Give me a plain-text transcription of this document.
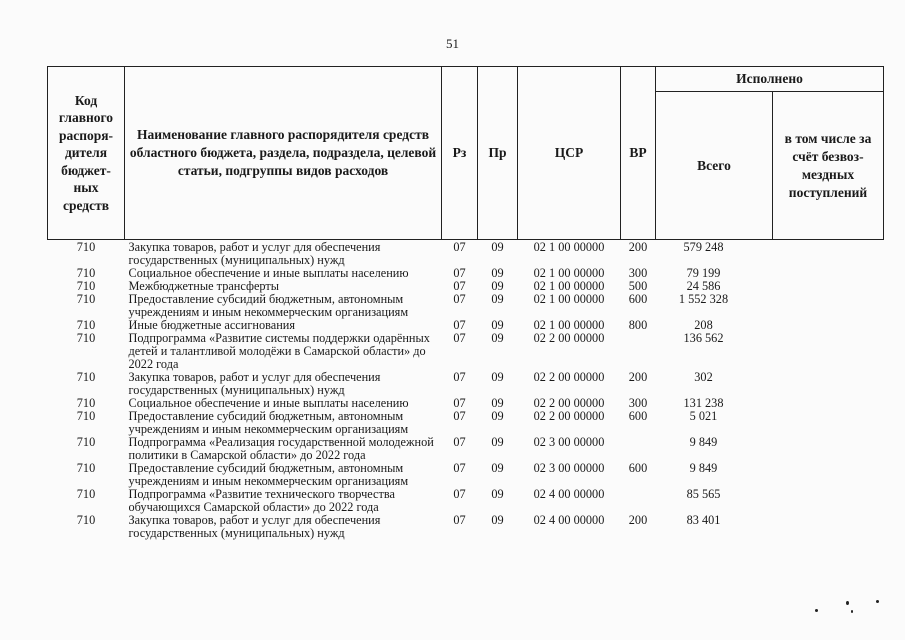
51
Код главного распоря-дителя бюджет-ных средств	Наименование главного распорядителя средств областного бюджета, раздела, подраздела, целевой статьи, подгруппы видов расходов	Рз	Пр	ЦСР	ВР	Исполнено	
						Всего	в том числе за счёт безвоз-мездных поступлений
710	Закупка товаров, работ и услуг для обеспечения государственных (муниципальных) нужд	07	09	02 1 00 00000	200	579 248	
710	Социальное обеспечение и иные выплаты населению	07	09	02 1 00 00000	300	79 199	
710	Межбюджетные трансферты	07	09	02 1 00 00000	500	24 586	
710	Предоставление субсидий бюджетным, автономным учреждениям и иным некоммерческим организациям	07	09	02 1 00 00000	600	1 552 328	
710	Иные бюджетные ассигнования	07	09	02 1 00 00000	800	208	
710	Подпрограмма «Развитие системы поддержки одарённых детей и талантливой молодёжи в Самарской области» до 2022 года	07	09	02 2 00 00000		136 562	
710	Закупка товаров, работ и услуг для обеспечения государственных (муниципальных) нужд	07	09	02 2 00 00000	200	302	
710	Социальное обеспечение и иные выплаты населению	07	09	02 2 00 00000	300	131 238	
710	Предоставление субсидий бюджетным, автономным учреждениям и иным некоммерческим организациям	07	09	02 2 00 00000	600	5 021	
710	Подпрограмма «Реализация государственной молодежной политики в Самарской области» до 2022 года	07	09	02 3 00 00000		9 849	
710	Предоставление субсидий бюджетным, автономным учреждениям и иным некоммерческим организациям	07	09	02 3 00 00000	600	9 849	
710	Подпрограмма «Развитие технического творчества обучающихся Самарской области» до 2022 года	07	09	02 4 00 00000		85 565	
710	Закупка товаров, работ и услуг для обеспечения государственных (муниципальных) нужд	07	09	02 4 00 00000	200	83 401	
